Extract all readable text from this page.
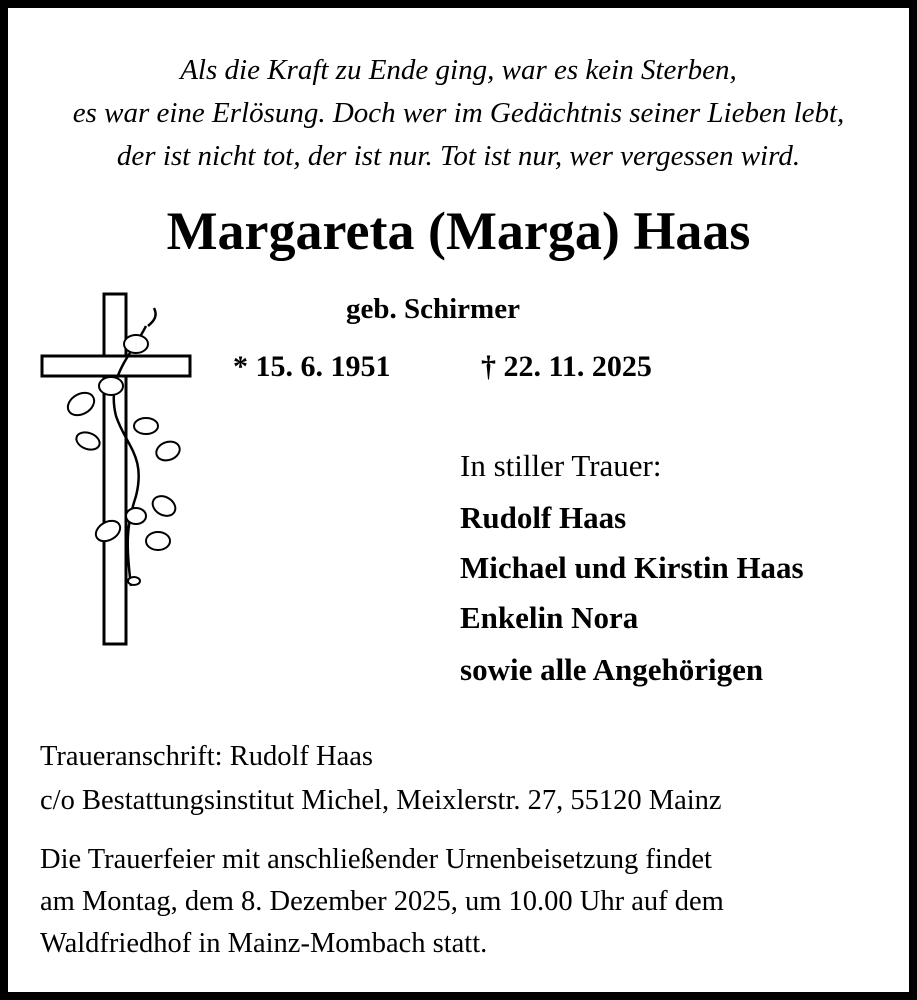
Als die Kraft zu Ende ging, war es kein Sterben,
es war eine Erlösung. Doch wer im Gedächtnis seiner Lieben lebt,
der ist nicht tot, der ist nur. Tot ist nur, wer vergessen wird.
Margareta (Marga) Haas
geb. Schirmer
* 15. 6. 1951	† 22. 11. 2025
In stiller Trauer:
Rudolf Haas
Michael und Kirstin Haas
Enkelin Nora
sowie alle Angehörigen
Traueranschrift: Rudolf Haas
c/o Bestattungsinstitut Michel, Meixlerstr. 27, 55120 Mainz
Die Trauerfeier mit anschließender Urnenbeisetzung findet
am Montag, dem 8. Dezember 2025, um 10.00 Uhr auf dem
Waldfriedhof in Mainz-Mombach statt.
